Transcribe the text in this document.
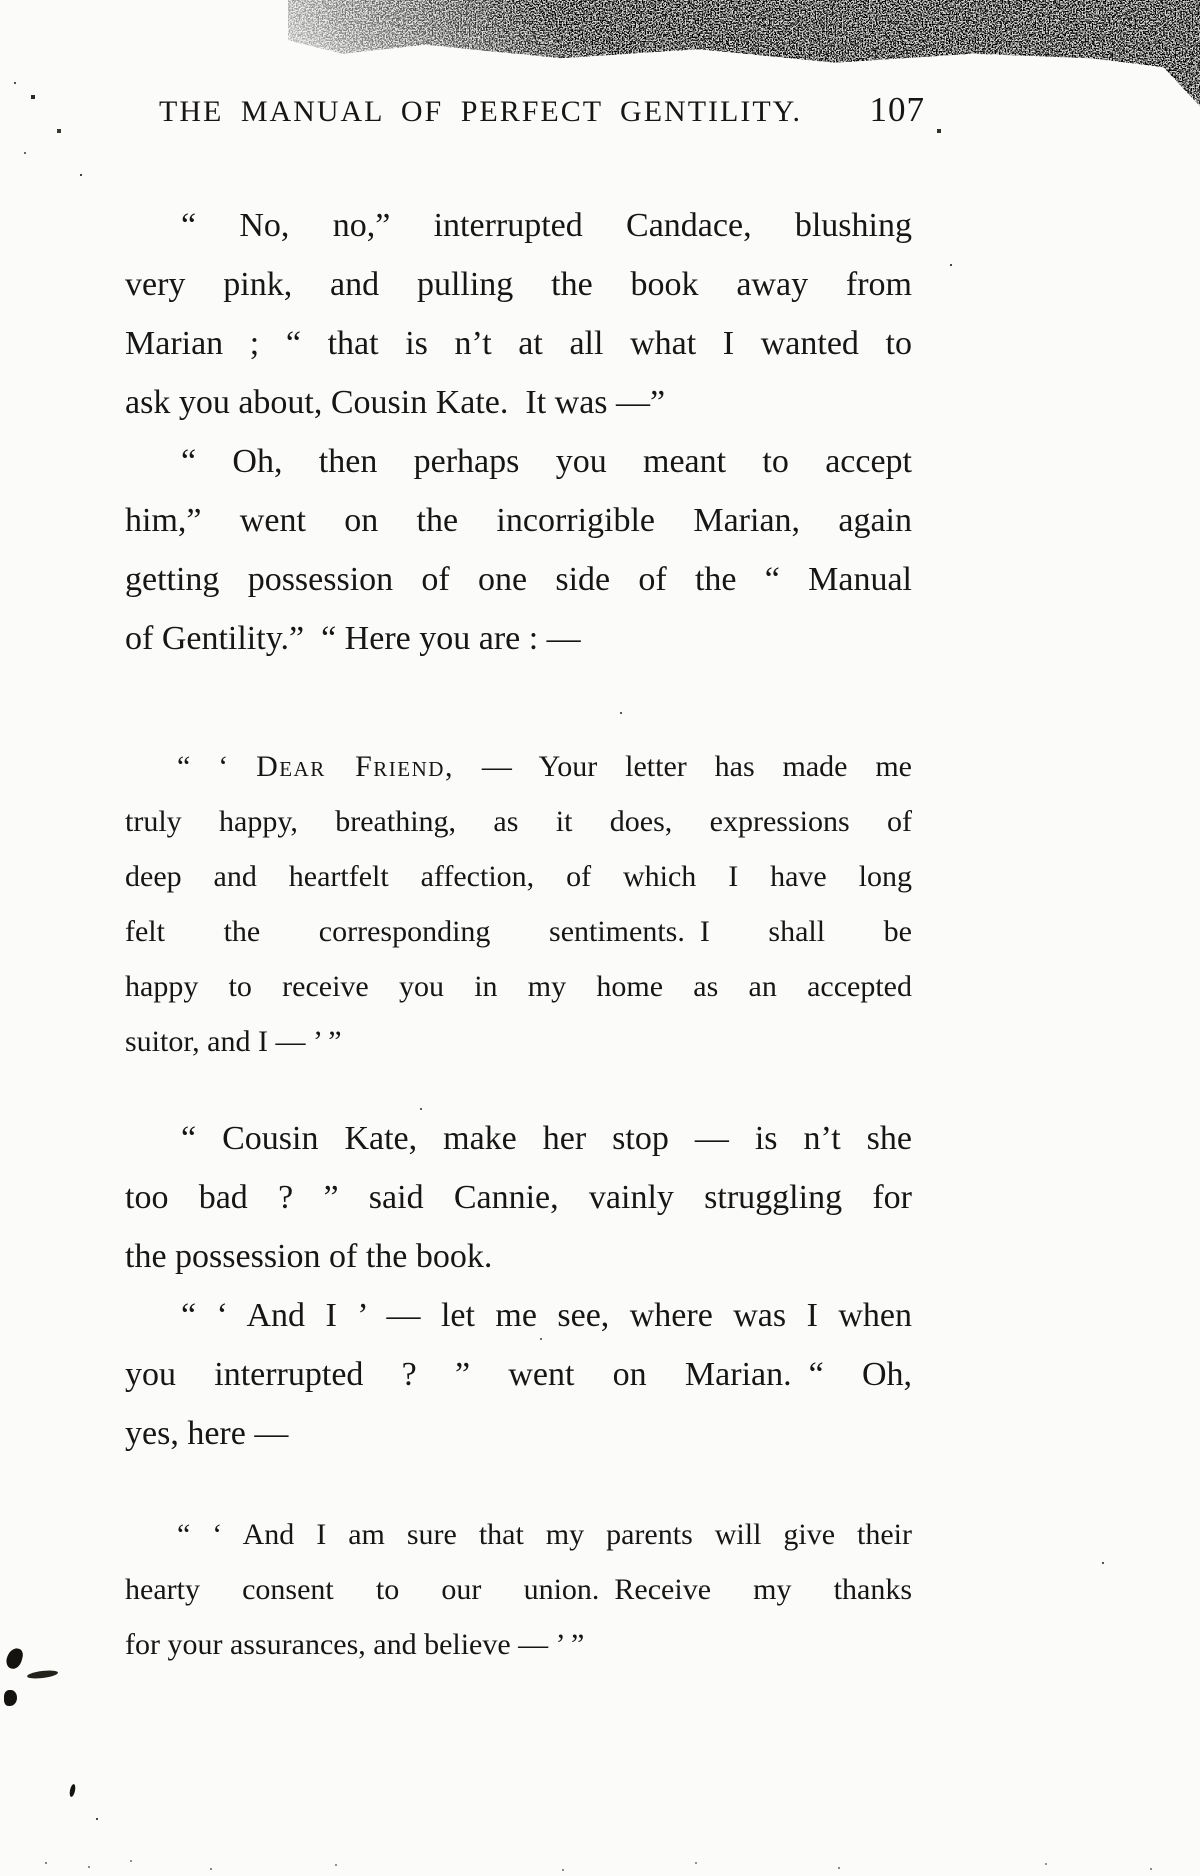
THE MANUAL OF PERFECT GENTILITY. 107

“ No, no,” interrupted Candace, blushing
very pink, and pulling the book away from
Marian ; “ that is n’t at all what I wanted to
ask you about, Cousin Kate. It was —”

“ Oh, then perhaps you meant to accept
him,” went on the incorrigible Marian, again
getting possession of one side of the “ Manual
of Gentility.” “ Here you are : —

“ ‘ Dear Friend, — Your letter has made me
truly happy, breathing, as it does, expressions of
deep and heartfelt affection, of which I have long
felt the corresponding sentiments. I shall be
happy to receive you in my home as an accepted
suitor, and I — ’ ”

“ Cousin Kate, make her stop — is n’t she
too bad ? ” said Cannie, vainly struggling for
the possession of the book.

“ ‘ And I ’ — let me see, where was I when
you interrupted ? ” went on Marian. “ Oh,
yes, here —

“ ‘ And I am sure that my parents will give their
hearty consent to our union. Receive my thanks
for your assurances, and believe — ’ ”
